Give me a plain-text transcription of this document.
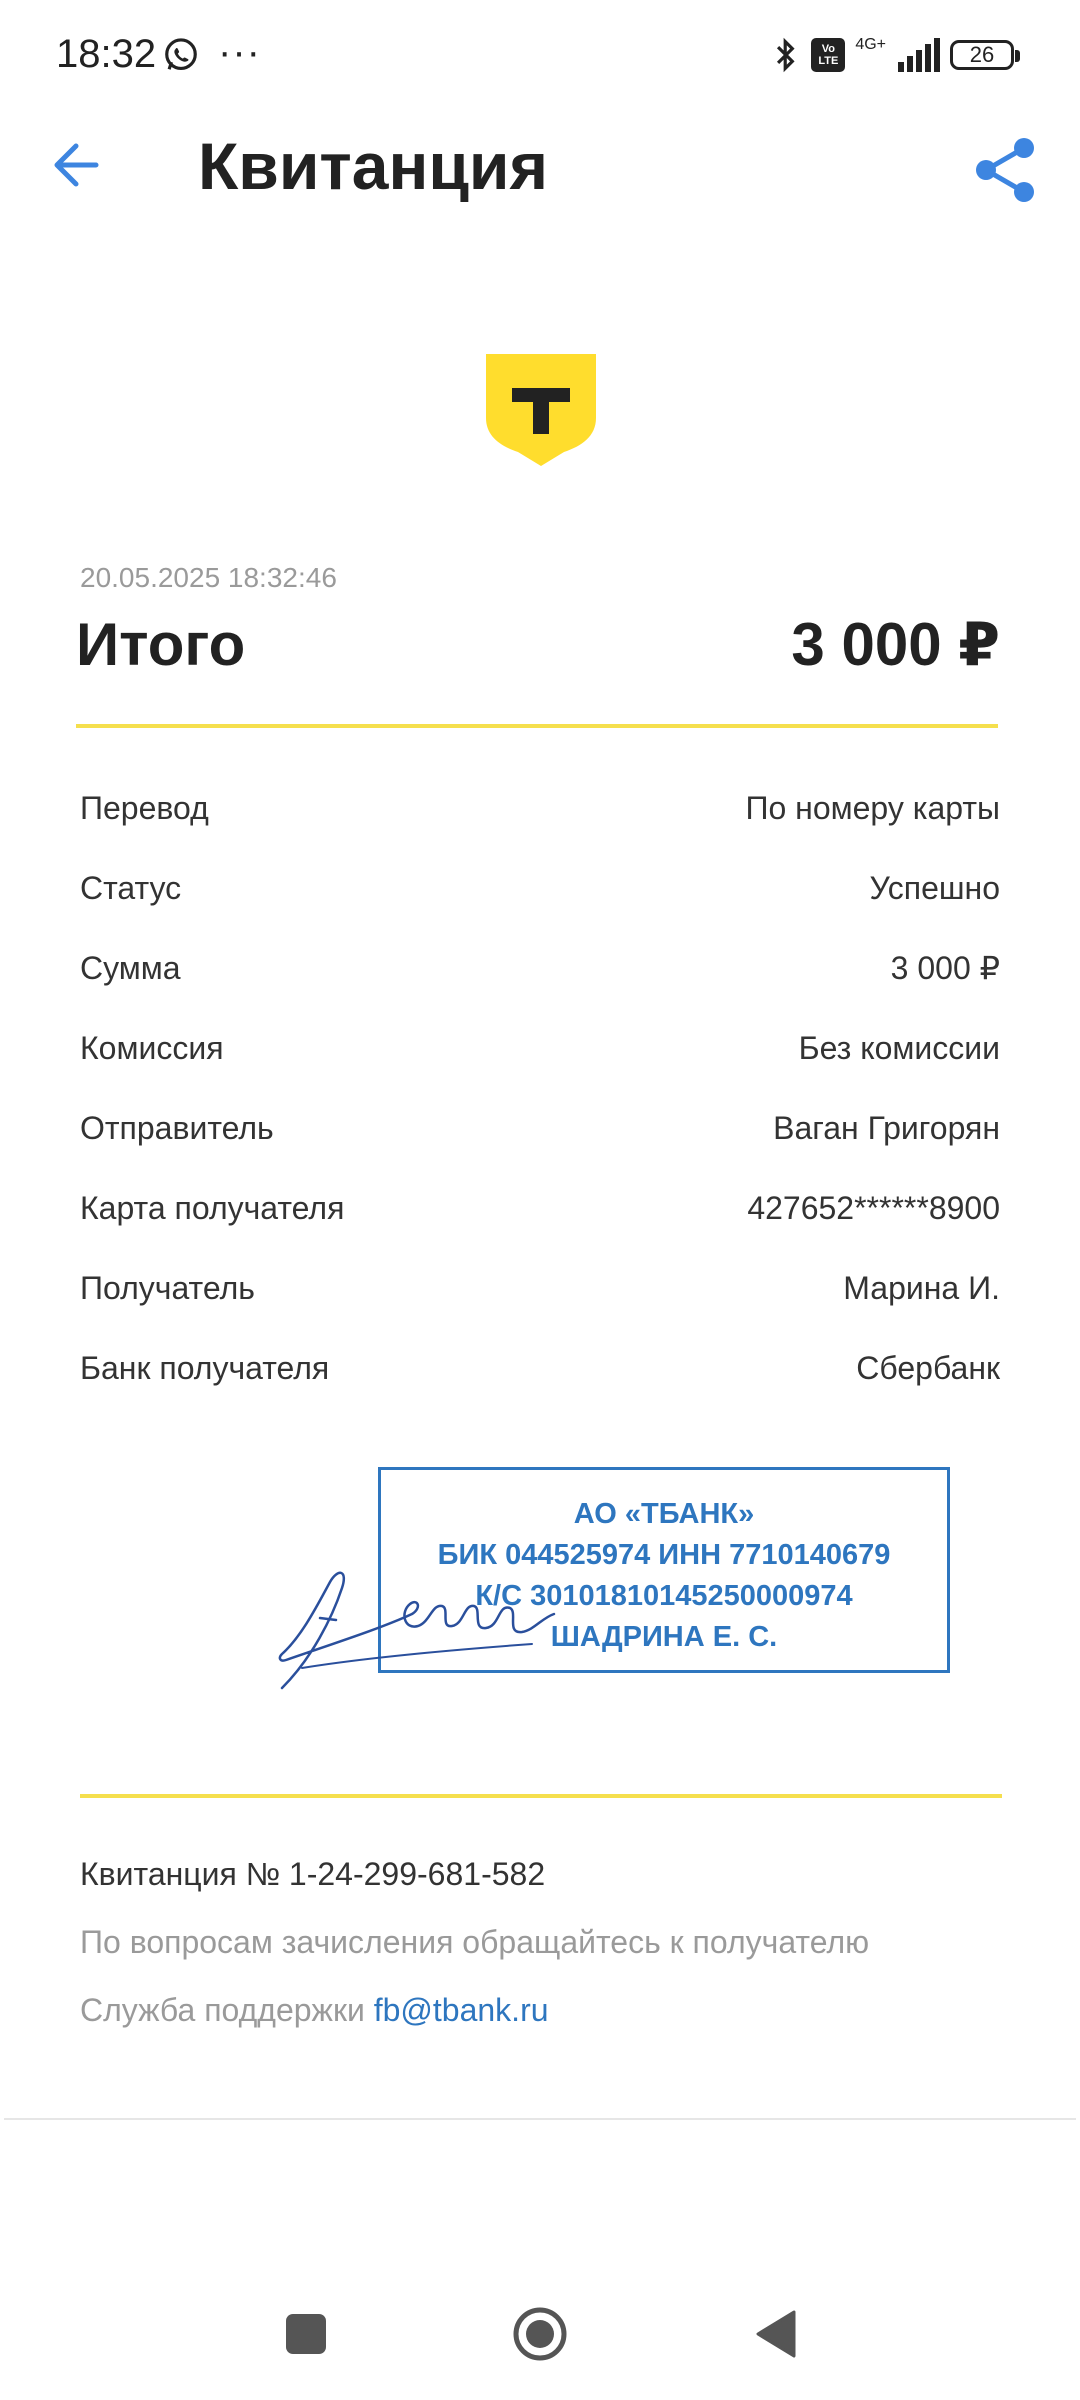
18:32 ···	Vo
LTE
4G+	26
Квитанция
20.05.2025 18:32:46
Итого	3 000 ₽
Перевод	По номеру карты
Статус	Успешно
Сумма	3 000 ₽
Комиссия	Без комиссии
Отправитель	Ваган Григорян
Карта получателя	427652******8900
Получатель	Марина И.
Банк получателя	Сбербанк
АО «ТБАНК»
БИК 044525974 ИНН 7710140679
К/С 30101810145250000974
ШАДРИНА Е. С.
Квитанция № 1-24-299-681-582
По вопросам зачисления обращайтесь к получателю
Служба поддержки fb@tbank.ru
